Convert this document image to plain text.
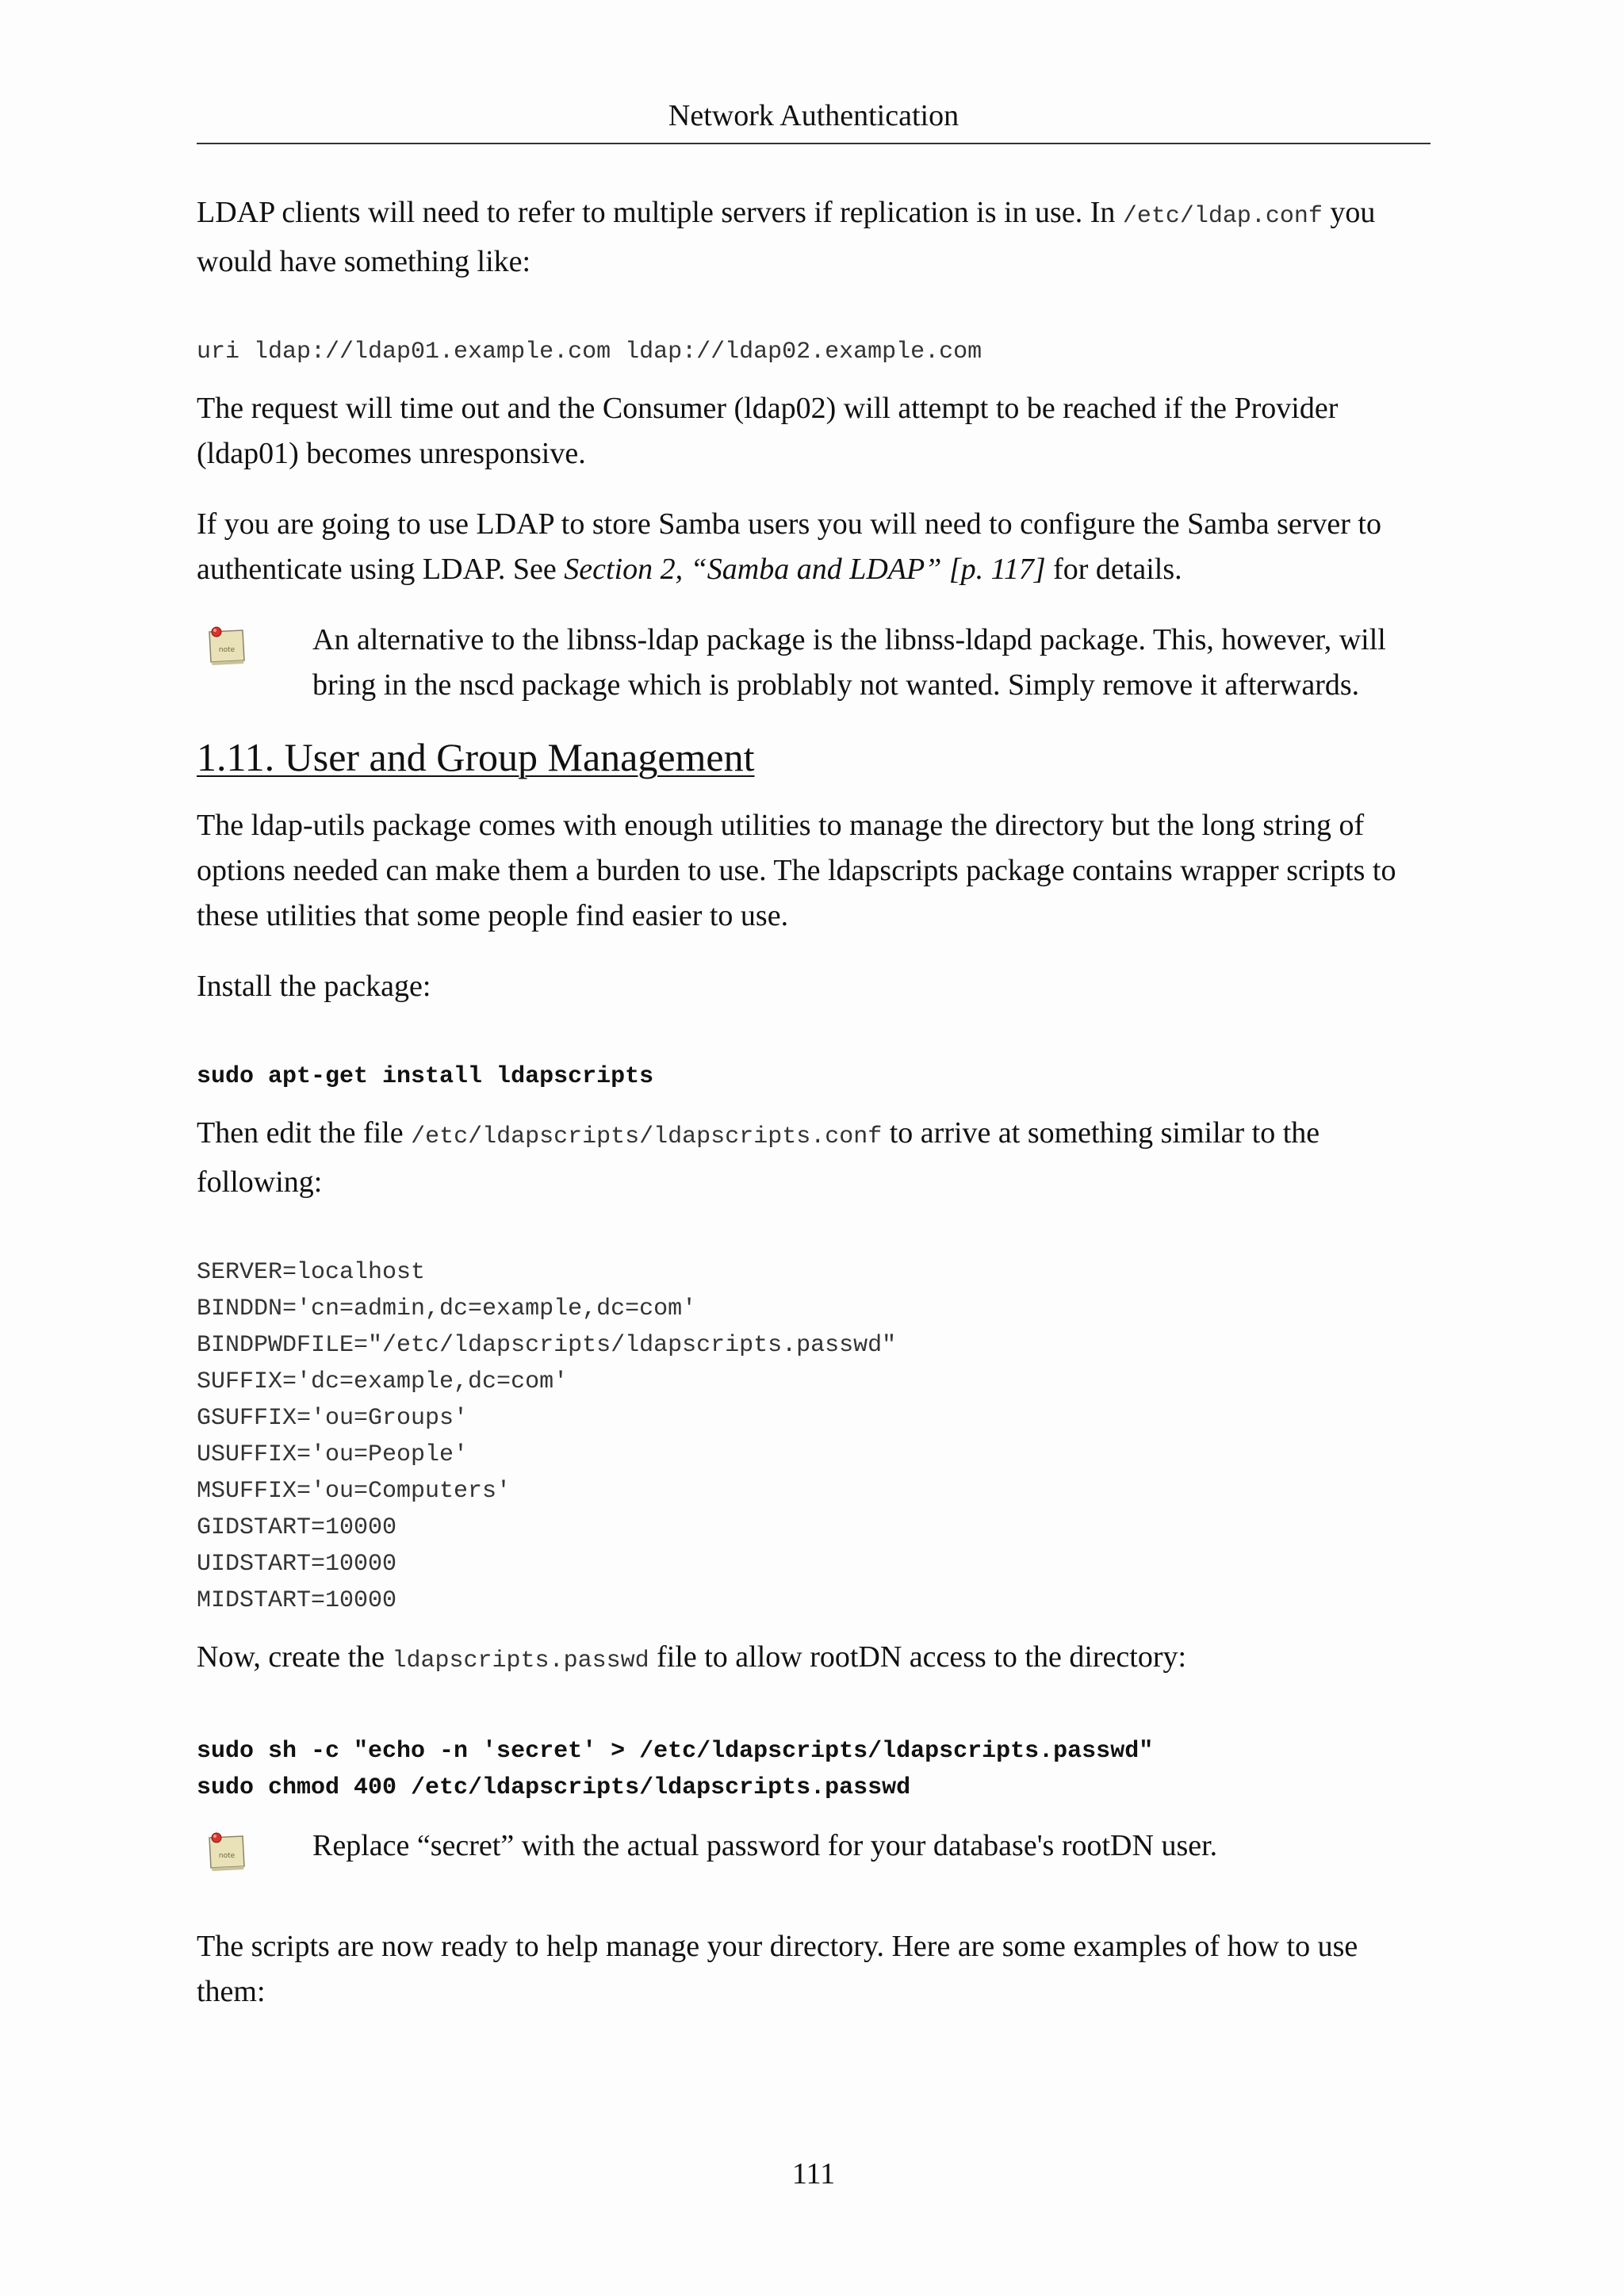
Network Authentication

LDAP clients will need to refer to multiple servers if replication is in use. In /etc/ldap.conf you would have something like:

uri ldap://ldap01.example.com ldap://ldap02.example.com

The request will time out and the Consumer (ldap02) will attempt to be reached if the Provider (ldap01) becomes unresponsive.

If you are going to use LDAP to store Samba users you will need to configure the Samba server to authenticate using LDAP. See Section 2, “Samba and LDAP” [p. 117] for details.

note	An alternative to the libnss-ldap package is the libnss-ldapd package. This, however, will bring in the nscd package which is problably not wanted. Simply remove it afterwards.

1.11. User and Group Management

The ldap-utils package comes with enough utilities to manage the directory but the long string of options needed can make them a burden to use. The ldapscripts package contains wrapper scripts to these utilities that some people find easier to use.

Install the package:

sudo apt-get install ldapscripts

Then edit the file /etc/ldapscripts/ldapscripts.conf to arrive at something similar to the following:

SERVER=localhost
BINDDN='cn=admin,dc=example,dc=com'
BINDPWDFILE="/etc/ldapscripts/ldapscripts.passwd"
SUFFIX='dc=example,dc=com'
GSUFFIX='ou=Groups'
USUFFIX='ou=People'
MSUFFIX='ou=Computers'
GIDSTART=10000
UIDSTART=10000
MIDSTART=10000

Now, create the ldapscripts.passwd file to allow rootDN access to the directory:

sudo sh -c "echo -n 'secret' > /etc/ldapscripts/ldapscripts.passwd"
sudo chmod 400 /etc/ldapscripts/ldapscripts.passwd
note	Replace “secret” with the actual password for your database's rootDN user.

The scripts are now ready to help manage your directory. Here are some examples of how to use them:

111
